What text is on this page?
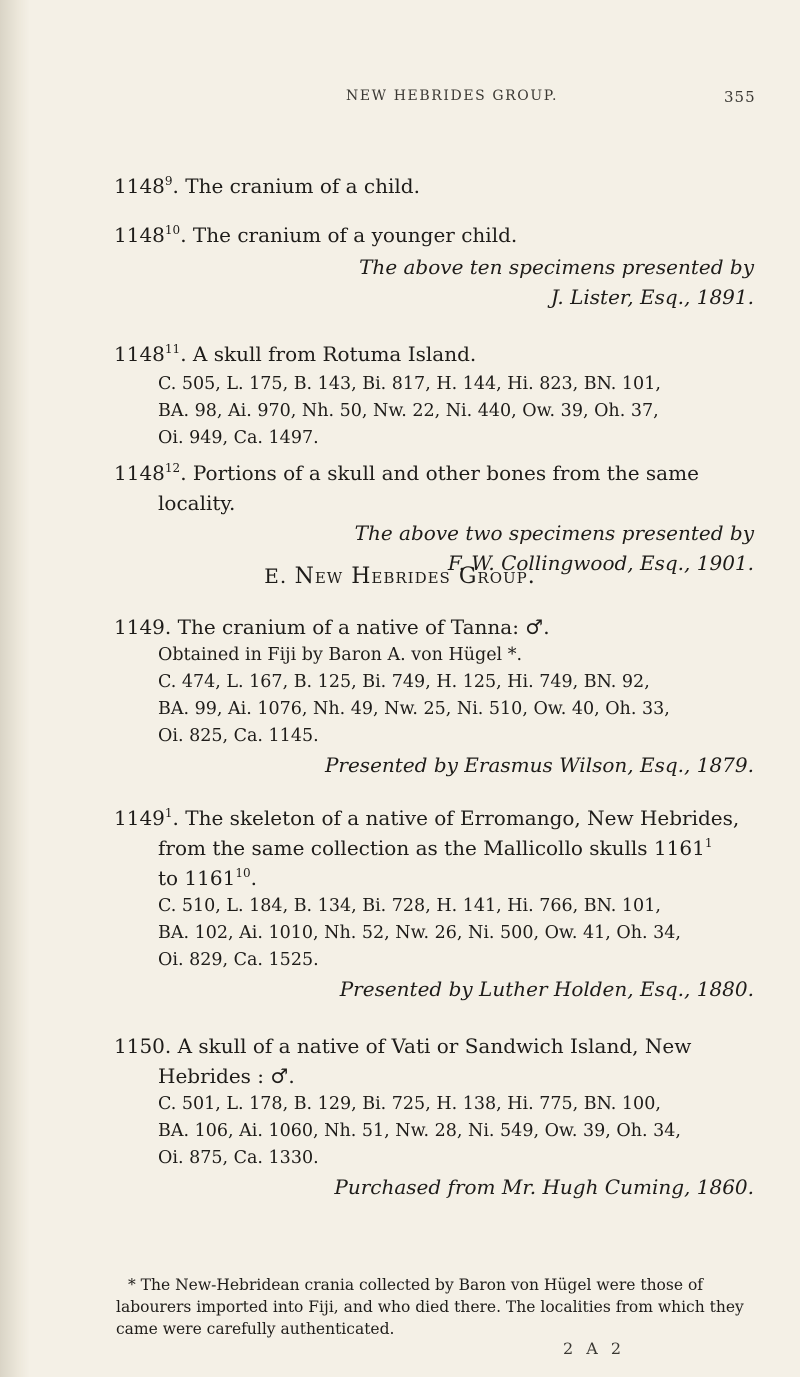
NEW HEBRIDES GROUP.	355

1148$^9$. The cranium of a child.

1148$^{10}$. The cranium of a younger child.

The above ten specimens presented by

J. Lister, Esq., 1891.

1148$^{11}$. A skull from Rotuma Island.

C. 505, L. 175, B. 143, Bi. 817, H. 144, Hi. 823, BN. 101,

BA. 98, Ai. 970, Nh. 50, Nw. 22, Ni. 440, Ow. 39, Oh. 37,

Oi. 949, Ca. 1497.

1148$^{12}$. Portions of a skull and other bones from the same

locality.

The above two specimens presented by

F. W. Collingwood, Esq., 1901.

E. New Hebrides Group.

1149. The cranium of a native of Tanna: ♂.

Obtained in Fiji by Baron A. von Hügel *.

C. 474, L. 167, B. 125, Bi. 749, H. 125, Hi. 749, BN. 92,

BA. 99, Ai. 1076, Nh. 49, Nw. 25, Ni. 510, Ow. 40, Oh. 33,

Oi. 825, Ca. 1145.

Presented by Erasmus Wilson, Esq., 1879.

1149$^1$. The skeleton of a native of Erromango, New Hebrides,

from the same collection as the Mallicollo skulls 1161$^1$

to 1161$^{10}$.

C. 510, L. 184, B. 134, Bi. 728, H. 141, Hi. 766, BN. 101,

BA. 102, Ai. 1010, Nh. 52, Nw. 26, Ni. 500, Ow. 41, Oh. 34,

Oi. 829, Ca. 1525.

Presented by Luther Holden, Esq., 1880.

1150. A skull of a native of Vati or Sandwich Island, New

Hebrides : ♂.

C. 501, L. 178, B. 129, Bi. 725, H. 138, Hi. 775, BN. 100,

BA. 106, Ai. 1060, Nh. 51, Nw. 28, Ni. 549, Ow. 39, Oh. 34,

Oi. 875, Ca. 1330.

Purchased from Mr. Hugh Cuming, 1860.

* The New-Hebridean crania collected by Baron von Hügel were those of labourers imported into Fiji, and who died there. The localities from which they came were carefully authenticated.

2 A 2
